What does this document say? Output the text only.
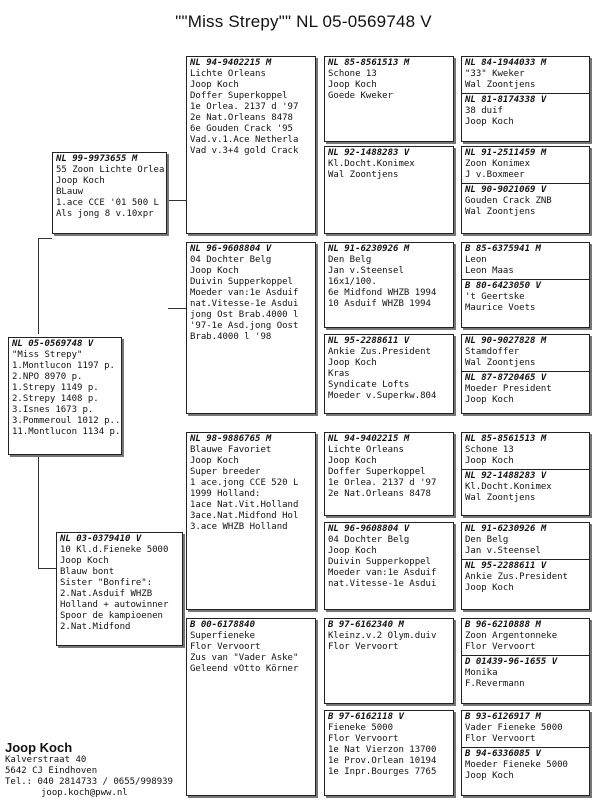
""Miss Strepy"" NL 05-0569748 V
NL 05-0569748 V
"Miss Strepy"
1.Montlucon 1197 p.
2.NPO 8970 p.
1.Strepy 1149 p.
2.Strepy 1408 p.
3.Isnes 1673 p.
3.Pommeroul 1012 p..
11.Montlucon 1134 p.
NL 99-9973655 M
55 Zoon Lichte Orlea
Joop Koch
BLauw
1.ace CCE '01 500 L
Als jong 8 v.10xpr
NL 03-0379410 V
10 Kl.d.Fieneke 5000
Joop Koch
Blauw bont
Sister "Bonfire":
2.Nat.Asduif WHZB
Holland + autowinner
Spoor de kampioenen
2.Nat.Midfond
NL 94-9402215 M
Lichte Orleans
Joop Koch
Doffer Superkoppel
1e Orlea. 2137 d '97
2e Nat.Orleans 8478
6e Gouden Crack '95
Vad.v.1.Ace Netherla
Vad v.3+4 gold Crack
NL 96-9608804 V
04 Dochter Belg
Joop Koch
Duivin Supperkoppel
Moeder van:1e Asduif
nat.Vitesse-1e Asdui
jong Ost Brab.4000 l
'97-1e Asd.jong Oost
Brab.4000 l '98
NL 98-9886765 M
Blauwe Favoriet
Joop Koch
Super breeder
1 ace.jong CCE 520 L
1999 Holland:
1ace Nat.Vit.Holland
3ace.Nat.Midfond Hol
3.ace WHZB Holland
B 00-6178840
Superfieneke
Flor Vervoort
Zus van "Vader Aske"
Geleend vOtto Körner
NL 85-8561513 M
Schone 13
Joop Koch
Goede Kweker
NL 92-1488283 V
Kl.Docht.Konimex
Wal Zoontjens
NL 91-6230926 M
Den Belg
Jan v.Steensel
16x1/100.
6e Midfond WHZB 1994
10 Asduif WHZB 1994
NL 95-2288611 V
Ankie Zus.President
Joop Koch
Kras
Syndicate Lofts
Moeder v.Superkw.804
NL 94-9402215 M
Lichte Orleans
Joop Koch
Doffer Superkoppel
1e Orlea. 2137 d '97
2e Nat.Orleans 8478
NL 96-9608804 V
04 Dochter Belg
Joop Koch
Duivin Supperkoppel
Moeder van:1e Asduif
nat.Vitesse-1e Asdui
B 97-6162340 M
Kleinz.v.2 Olym.duiv
Flor Vervoort
B 97-6162118 V
Fieneke 5000
Flor Vervoort
1e Nat Vierzon 13700
1e Prov.Orlean 10194
1e Inpr.Bourges 7765
NL 84-1944033 M
"33" Kweker
Wal Zoontjens
NL 81-8174338 V
38 duif
Joop Koch
NL 91-2511459 M
Zoon Konimex
J v.Boxmeer
NL 90-9021069 V
Gouden Crack ZNB
Wal Zoontjens
B 85-6375941 M
Leon
Leon Maas
B 80-6423050 V
't Geertske
Maurice Voets
NL 90-9027828 M
Stamdoffer
Wal Zoontjens
NL 87-8720465 V
Moeder President
Joop Koch
NL 85-8561513 M
Schone 13
Joop Koch
NL 92-1488283 V
Kl.Docht.Konimex
Wal Zoontjens
NL 91-6230926 M
Den Belg
Jan v.Steensel
NL 95-2288611 V
Ankie Zus.President
Joop Koch
B 96-6210888 M
Zoon Argentonneke
Flor Vervoort
D 01439-96-1655 V
Monika
F.Revermann
B 93-6126917 M
Vader Fieneke 5000
Flor Vervoort
B 94-6336085 V
Moeder Fieneke 5000
Joop Koch
Joop Koch
Kalverstraat 40
5642 CJ Eindhoven
Tel.: 040 2814733 / 0655/998939
joop.koch@pww.nl
